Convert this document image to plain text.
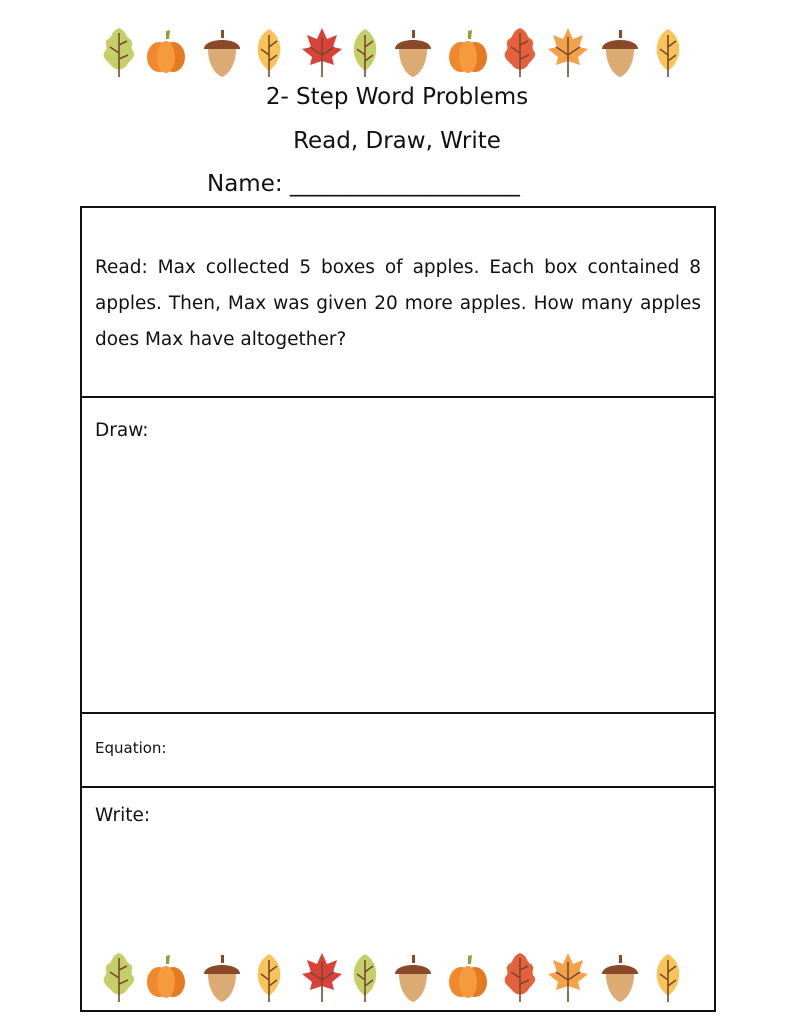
2- Step Word Problems
Read, Draw, Write
Name: ____________________
Read: Max collected 5 boxes of apples. Each box contained 8 apples. Then, Max was given 20 more apples. How many apples does Max have altogether?
Draw:
Equation:
Write:
